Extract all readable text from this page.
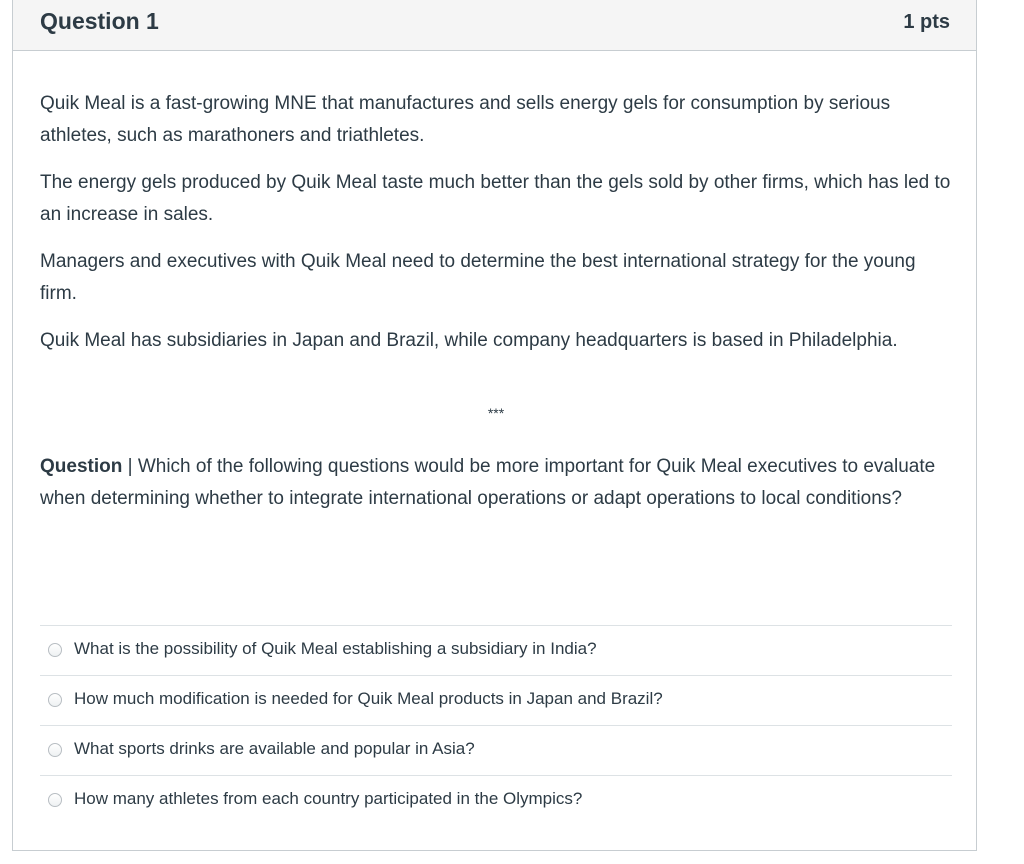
Question 1	1 pts

Quik Meal is a fast-growing MNE that manufactures and sells energy gels for consumption by serious athletes, such as marathoners and triathletes.

The energy gels produced by Quik Meal taste much better than the gels sold by other firms, which has led to an increase in sales.

Managers and executives with Quik Meal need to determine the best international strategy for the young firm.

Quik Meal has subsidiaries in Japan and Brazil, while company headquarters is based in Philadelphia.

***

Question | Which of the following questions would be more important for Quik Meal executives to evaluate when determining whether to integrate international operations or adapt operations to local conditions?

What is the possibility of Quik Meal establishing a subsidiary in India?
How much modification is needed for Quik Meal products in Japan and Brazil?
What sports drinks are available and popular in Asia?
How many athletes from each country participated in the Olympics?
